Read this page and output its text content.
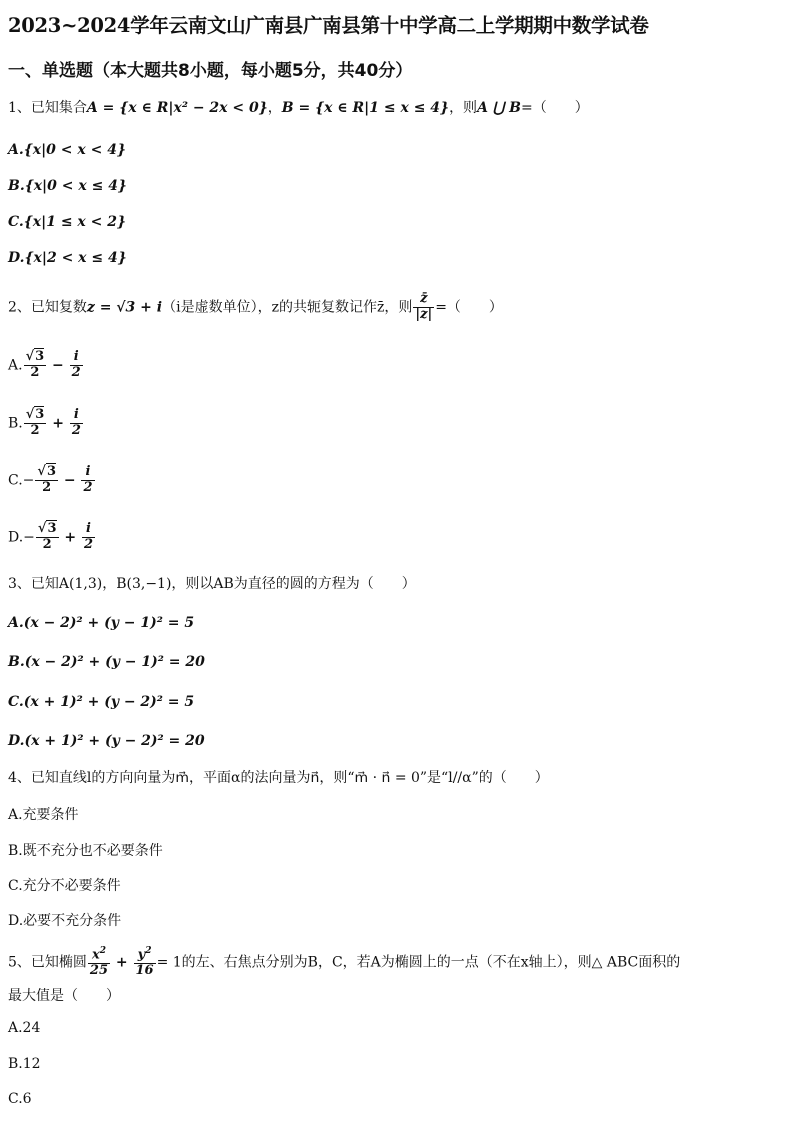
2023~2024学年云南文山广南县广南县第十中学高二上学期期中数学试卷
一、单选题（本大题共8小题，每小题5分，共40分）
1、已知集合A = {x ∈ R|x² − 2x < 0}，B = {x ∈ R|1 ≤ x ≤ 4}，则A ⋃ B=（　　）
A.{x|0 < x < 4}
B.{x|0 < x ≤ 4}
C.{x|1 ≤ x < 2}
D.{x|2 < x ≤ 4}
2、已知复数z = √3 + i（i是虚数单位），z的共轭复数记作z̄，则 $\frac{z̄}{|z|}$ =（　　）
A. $\frac{√3}{2} - \frac{i}{2}$
B. $\frac{√3}{2} + \frac{i}{2}$
$C.- \frac{√3}{2} - \frac{i}{2}$
$D.- \frac{√3}{2} + \frac{i}{2}$
3、已知A(1,3)，B(3,−1)，则以AB为直径的圆的方程为（　　）
A.(x − 2)² + (y − 1)² = 5
B.(x − 2)² + (y − 1)² = 20
C.(x + 1)² + (y − 2)² = 5
D.(x + 1)² + (y − 2)² = 20
4、已知直线l的方向向量为m⃗，平面α的法向量为n⃗，则“m⃗ · n⃗ = 0”是“l//α”的（　　）
A.充要条件
B.既不充分也不必要条件
C.充分不必要条件
D.必要不充分条件
5、已知椭圆 $\frac{x^2}{25} + \frac{y^2}{16} = 1$的左、右焦点分别为B，C，若A为椭圆上的一点（不在x轴上），则△ ABC面积的
最大值是（　　）
A.24
B.12
C.6
